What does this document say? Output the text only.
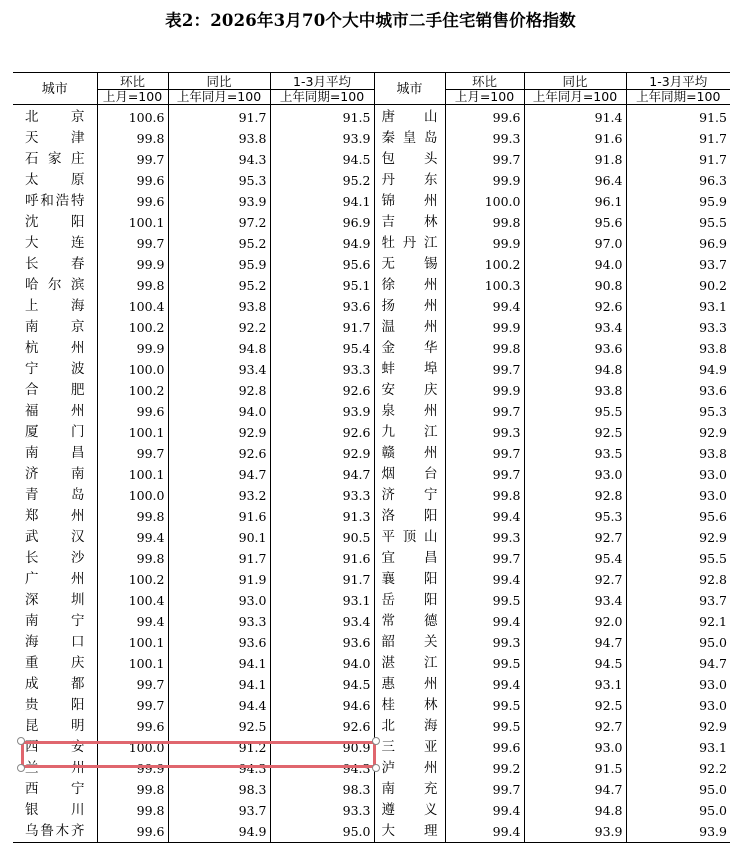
表2：2026年3月70个大中城市二手住宅销售价格指数
城市	环比	同比	1-3月平均	城市	环比	同比	1-3月平均
	上月=100	上年同月=100	上年同期=100		上月=100	上年同月=100	上年同期=100
北京	100.6	91.7	91.5	唐山	99.6	91.4	91.5
天津	99.8	93.8	93.9	秦皇岛	99.3	91.6	91.7
石家庄	99.7	94.3	94.5	包头	99.7	91.8	91.7
太原	99.6	95.3	95.2	丹东	99.9	96.4	96.3
呼和浩特	99.6	93.9	94.1	锦州	100.0	96.1	95.9
沈阳	100.1	97.2	96.9	吉林	99.8	95.6	95.5
大连	99.7	95.2	94.9	牡丹江	99.9	97.0	96.9
长春	99.9	95.9	95.6	无锡	100.2	94.0	93.7
哈尔滨	99.8	95.2	95.1	徐州	100.3	90.8	90.2
上海	100.4	93.8	93.6	扬州	99.4	92.6	93.1
南京	100.2	92.2	91.7	温州	99.9	93.4	93.3
杭州	99.9	94.8	95.4	金华	99.8	93.6	93.8
宁波	100.0	93.4	93.3	蚌埠	99.7	94.8	94.9
合肥	100.2	92.8	92.6	安庆	99.9	93.8	93.6
福州	99.6	94.0	93.9	泉州	99.7	95.5	95.3
厦门	100.1	92.9	92.6	九江	99.3	92.5	92.9
南昌	99.7	92.6	92.9	赣州	99.7	93.5	93.8
济南	100.1	94.7	94.7	烟台	99.7	93.0	93.0
青岛	100.0	93.2	93.3	济宁	99.8	92.8	93.0
郑州	99.8	91.6	91.3	洛阳	99.4	95.3	95.6
武汉	99.4	90.1	90.5	平顶山	99.3	92.7	92.9
长沙	99.8	91.7	91.6	宜昌	99.7	95.4	95.5
广州	100.2	91.9	91.7	襄阳	99.4	92.7	92.8
深圳	100.4	93.0	93.1	岳阳	99.5	93.4	93.7
南宁	99.4	93.3	93.4	常德	99.4	92.0	92.1
海口	100.1	93.6	93.6	韶关	99.3	94.7	95.0
重庆	100.1	94.1	94.0	湛江	99.5	94.5	94.7
成都	99.7	94.1	94.5	惠州	99.4	93.1	93.0
贵阳	99.7	94.4	94.6	桂林	99.5	92.5	93.0
昆明	99.6	92.5	92.6	北海	99.5	92.7	92.9
西安	100.0	91.2	90.9	三亚	99.6	93.0	93.1
兰州	99.9	94.3	94.3	泸州	99.2	91.5	92.2
西宁	99.8	98.3	98.3	南充	99.7	94.7	95.0
银川	99.8	93.7	93.3	遵义	99.4	94.8	95.0
乌鲁木齐	99.6	94.9	95.0	大理	99.4	93.9	93.9
